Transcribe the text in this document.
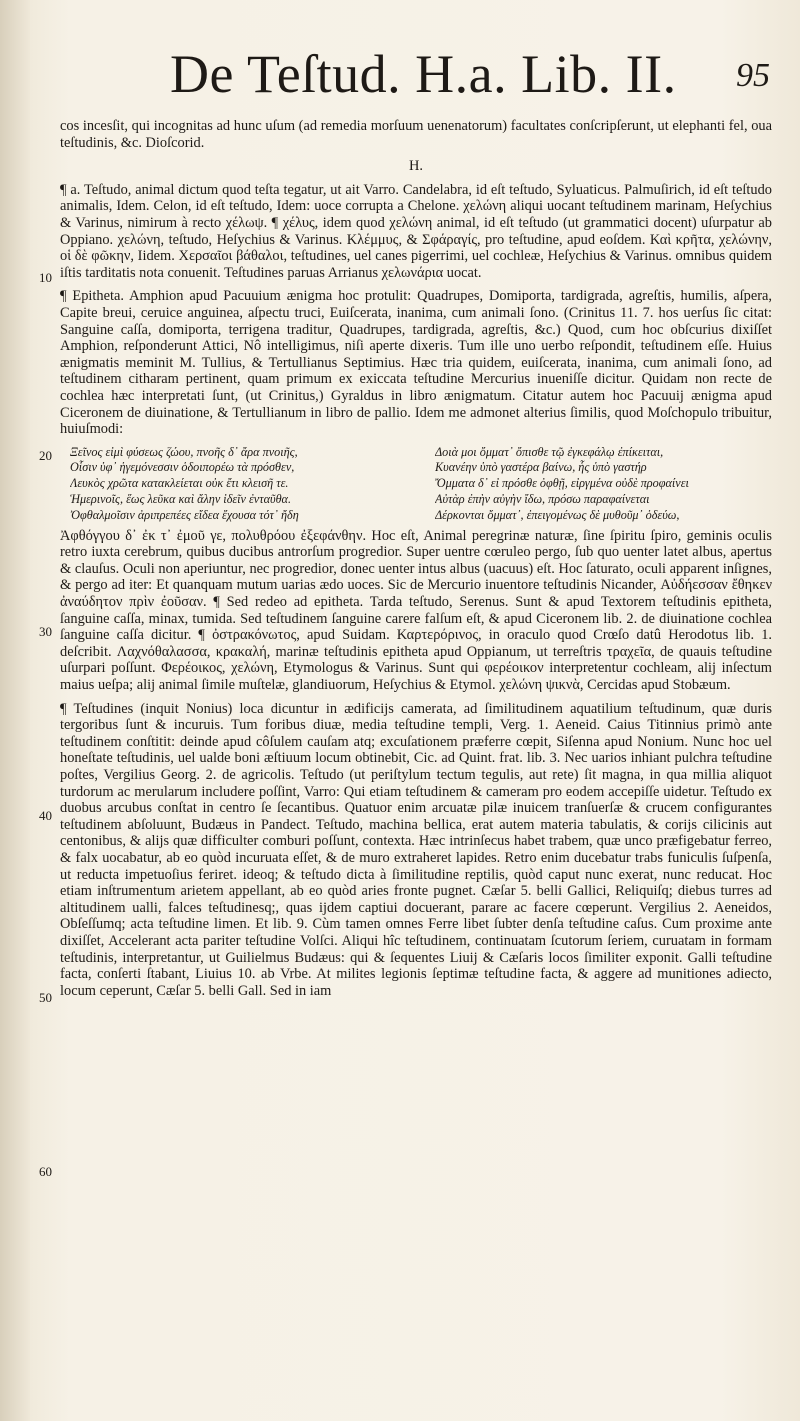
De Teſtud. H.a. Lib. II. 95
10
20
30
40
50
60

cos incesſit, qui incognitas ad hunc uſum (ad remedia morſuum uenenatorum) facultates conſcripſerunt, ut elephanti fel, oua teſtudinis, &c. Dioſcorid.

H.

¶ a. Teſtudo, animal dictum quod teſta tegatur, ut ait Varro. Candelabra, id eſt teſtudo, Syluaticus. Palmuſirich, id eſt teſtudo animalis, Idem. Celon, id eſt teſtudo, Idem: uoce corrupta a Chelone. χελώνη aliqui uocant teſtudinem marinam, Heſychius & Varinus, nimirum à recto χέλωψ. ¶ χέλυς, idem quod χελώνη animal, id eſt teſtudo (ut grammatici docent) uſurpatur ab Oppiano. χελώνη, teſtudo, Heſychius & Varinus. Κλέμμυς, & Σφάραγίς, pro teſtudine, apud eoſdem. Καὶ κρῆτα, χελώνην, οἱ δὲ φῶκην, Iidem. Χερσαῖοι βάθαλοι, teſtudines, uel canes pigerrimi, uel cochleæ, Heſychius & Varinus. omnibus quidem iſtis tarditatis nota conuenit. Teſtudines paruas Arrianus χελωνάρια uocat.

¶ Epitheta. Amphion apud Pacuuium ænigma hoc protulit: Quadrupes, Domiporta, tardigrada, agreſtis, humilis, aſpera, Capite breui, ceruice anguinea, aſpectu truci, Euiſcerata, inanima, cum animali ſono. (Crinitus 11. 7. hos uerſus ſic citat: Sanguine caſſa, domiporta, terrigena traditur, Quadrupes, tardigrada, agreſtis, &c.) Quod, cum hoc obſcurius dixiſſet Amphion, reſponderunt Attici, Nô intelligimus, niſi aperte dixeris. Tum ille uno uerbo reſpondit, teſtudinem eſſe. Huius ænigmatis meminit M. Tullius, & Tertullianus Septimius. Hæc tria quidem, euiſcerata, inanima, cum animali ſono, ad teſtudinem citharam pertinent, quam primum ex exiccata teſtudine Mercurius inueniſſe dicitur. Quidam non recte de cochlea hæc interpretati ſunt, (ut Crinitus,) Gyraldus in libro ænigmatum. Citatur autem hoc Pacuuij ænigma apud Ciceronem de diuinatione, & Tertullianum in libro de pallio. Idem me admonet alterius ſimilis, quod Moſchopulo tribuitur, huiuſmodi:

Ξεῖνος εἰμὶ φύσεως ζώου, πνοῆς δ᾽ ἄρα πνοιῆς,	Δοιὰ μοι ὄμματ᾽ ὄπισθε τῷ ἐγκεφάλῳ ἐπίκειται,
Οἷσιν ὑφ᾽ ἡγεμόνεσσιν ὁδοιπορέω τὰ πρόσθεν,	Κυανέην ὑπὸ γαστέρα βαίνω, ἧς ὑπὸ γαστήρ
Λευκὸς χρῶτα κατακλείεται οὐκ ἔτι κλεισῆ τε.	Ὄμματα δ᾽ εἰ πρόσθε ὀφθῇ, εἰργμένα οὐδὲ προφαίνει
Ἡμερινοῖς, ἕως λεῦκα καὶ ἄλην ἰδεῖν ἐνταῦθα.	Αὐτὰρ ἐπὴν αὐγὴν ἴδω, πρόσω παραφαίνεται
Ὀφθαλμοῖσιν ἀριπρεπέες εἴδεα ἔχουσα τότ᾽ ἤδη	Δέρκονται ὄμματ᾽, ἐπειγομένως δὲ μυθοῦμ᾽ ὁδεύω,

Ἀφθόγγου δ᾽ ἐκ τ᾽ ἐμοῦ γε, πολυθρόου ἐξεφάνθην. Hoc eſt, Animal peregrinæ naturæ, ſine ſpiritu ſpiro, geminis oculis retro iuxta cerebrum, quibus ducibus antrorſum progredior. Super uentre cœruleo pergo, ſub quo uenter latet albus, apertus & clauſus. Oculi non aperiuntur, nec progredior, donec uenter intus albus (uacuus) eſt. Hoc ſaturato, oculi apparent inſignes, & pergo ad iter: Et quanquam mutum uarias ædo uoces. Sic de Mercurio inuentore teſtudinis Nicander, Αὐδήεσσαν ἔθηκεν ἀναύδητον πρὶν ἐοῦσαν. ¶ Sed redeo ad epitheta. Tarda teſtudo, Serenus. Sunt & apud Textorem teſtudinis epitheta, ſanguine caſſa, minax, tumida. Sed teſtudinem ſanguine carere falſum eſt, & apud Ciceronem lib. 2. de diuinatione cochlea ſanguine caſſa dicitur. ¶ ὀστρακόνωτος, apud Suidam. Καρτερόρινος, in oraculo quod Crœſo datû Herodotus lib. 1. deſcribit. Λαχνόθαλασσα, κρακαλή, marinæ teſtudinis epitheta apud Oppianum, ut terreſtris τραχεῖα, de quauis teſtudine uſurpari poſſunt. Φερέοικος, χελώνη, Etymologus & Varinus. Sunt qui φερέοικον interpretentur cochleam, alij inſectum maius ueſpa; alij animal ſimile muſtelæ, glandiuorum, Heſychius & Etymol. χελώνη ψικνὰ, Cercidas apud Stobæum.

¶ Teſtudines (inquit Nonius) loca dicuntur in ædificijs camerata, ad ſimilitudinem aquatilium teſtudinum, quæ duris tergoribus ſunt & incuruis. Tum foribus diuæ, media teſtudine templi, Verg. 1. Aeneid. Caius Titinnius primò ante teſtudinem conſtitit: deinde apud côſulem cauſam atq; excuſationem præferre cœpit, Siſenna apud Nonium. Nunc hoc uel honeſtate teſtudinis, uel ualde boni æſtiuum locum obtinebit, Cic. ad Quint. frat. lib. 3. Nec uarios inhiant pulchra teſtudine poſtes, Vergilius Georg. 2. de agricolis. Teſtudo (ut periſtylum tectum tegulis, aut rete) ſit magna, in qua millia aliquot turdorum ac merularum includere poſſint, Varro: Qui etiam teſtudinem & cameram pro eodem accepiſſe uidetur. Teſtudo ex duobus arcubus conſtat in centro ſe ſecantibus. Quatuor enim arcuatæ pilæ inuicem tranſuerſæ & crucem configurantes teſtudinem abſoluunt, Budæus in Pandect. Teſtudo, machina bellica, erat autem materia tabulatis, & corijs cilicinis aut centonibus, & alijs quæ difficulter comburi poſſunt, contexta. Hæc intrinſecus habet trabem, quæ unco præfigebatur ferreo, & falx uocabatur, ab eo quòd incuruata eſſet, & de muro extraheret lapides. Retro enim ducebatur trabs funiculis ſuſpenſa, ut reducta impetuoſius feriret. ideoq; & teſtudo dicta à ſimilitudine reptilis, quòd caput nunc exerat, nunc reducat. Hoc etiam inſtrumentum arietem appellant, ab eo quòd aries fronte pugnet. Cæſar 5. belli Gallici, Reliquiſq; diebus turres ad altitudinem ualli, falces teſtudinesq;, quas ijdem captiui docuerant, parare ac facere cœperunt. Vergilius 2. Aeneidos, Obſeſſumq; acta teſtudine limen. Et lib. 9. Cùm tamen omnes Ferre libet ſubter denſa teſtudine caſus. Cum proxime ante dixiſſet, Accelerant acta pariter teſtudine Volſci. Aliqui hîc teſtudinem, continuatam ſcutorum ſeriem, curuatam in formam teſtudinis, interpretantur, ut Guilielmus Budæus: qui & ſequentes Liuij & Cæſaris locos ſimiliter exponit. Galli teſtudine facta, conſerti ſtabant, Liuius 10. ab Vrbe. At milites legionis ſeptimæ teſtudine facta, & aggere ad munitiones adiecto, locum ceperunt, Cæſar 5. belli Gall. Sed in iam
